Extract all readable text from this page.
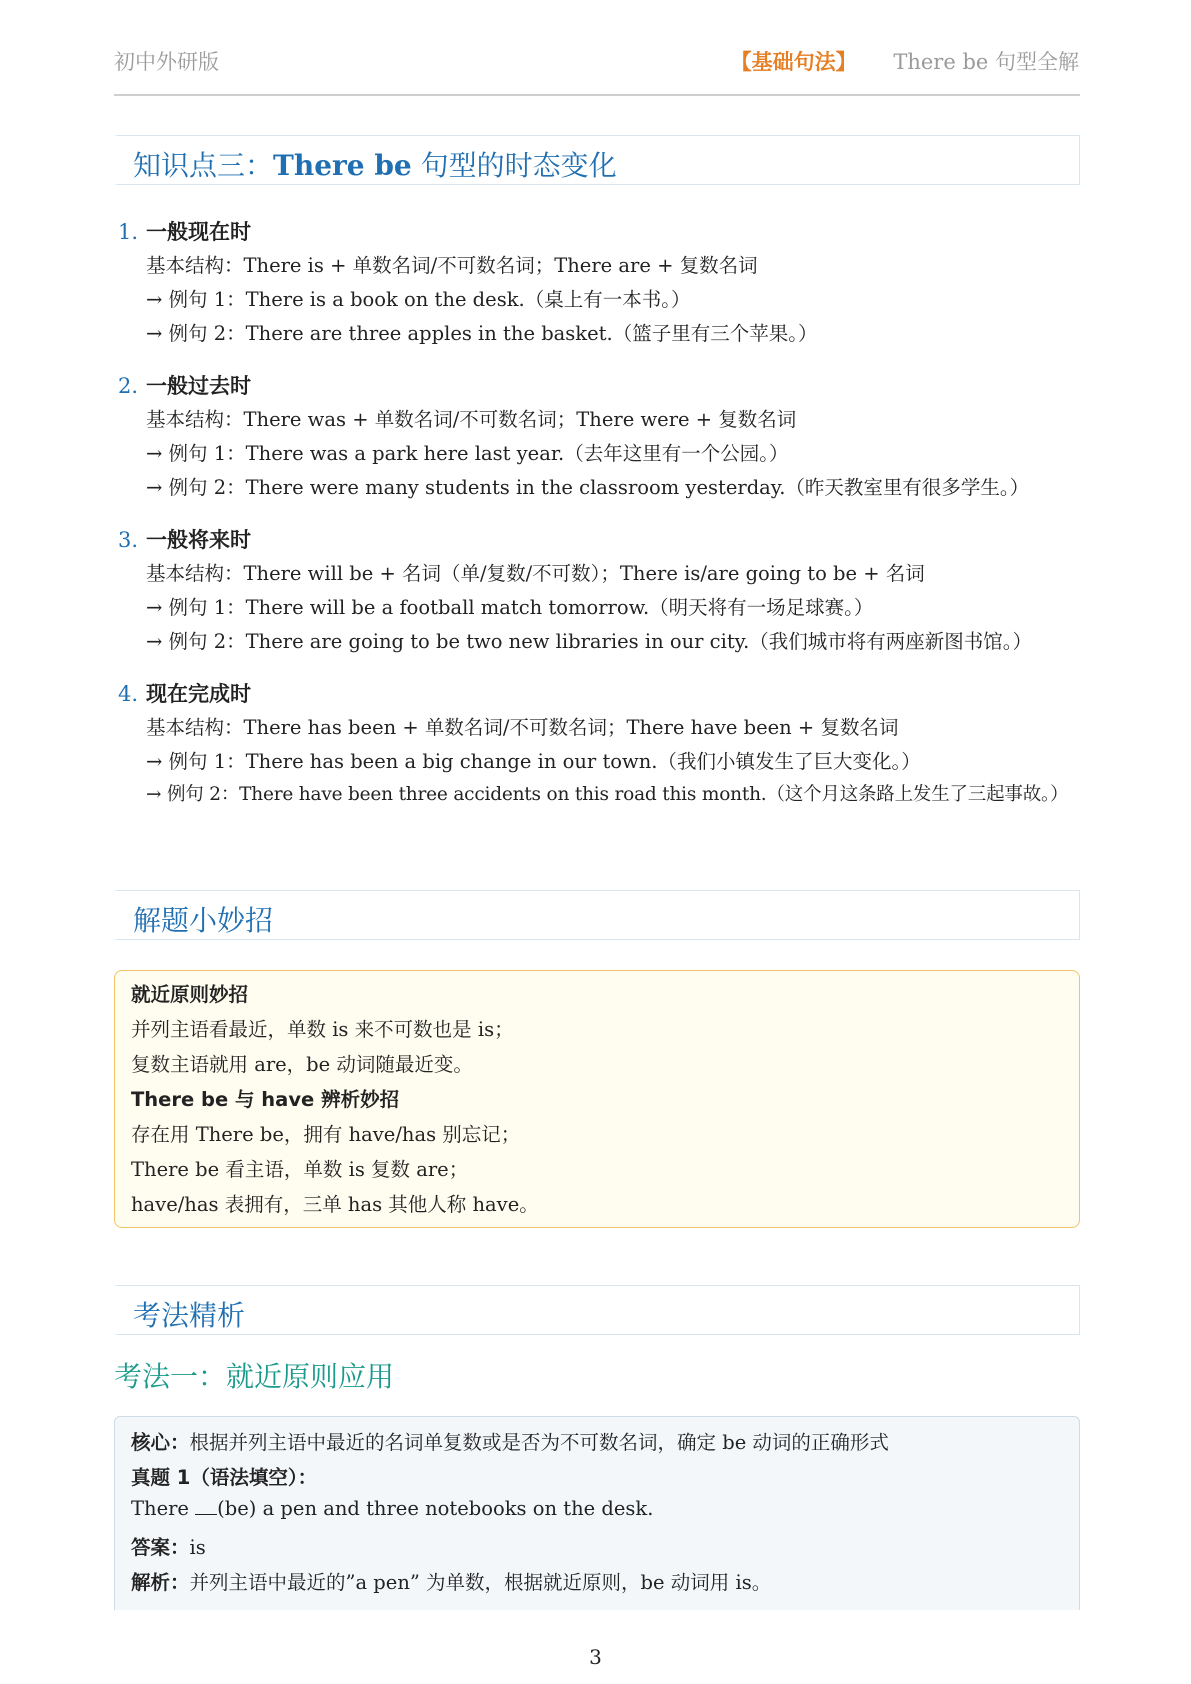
初中外研版	【基础句法】 There be 句型全解
知识点三：There be 句型的时态变化
1. 一般现在时
基本结构：There is + 单数名词/不可数名词；There are + 复数名词
→ 例句 1：There is a book on the desk.（桌上有一本书。）
→ 例句 2：There are three apples in the basket.（篮子里有三个苹果。）
2. 一般过去时
基本结构：There was + 单数名词/不可数名词；There were + 复数名词
→ 例句 1：There was a park here last year.（去年这里有一个公园。）
→ 例句 2：There were many students in the classroom yesterday.（昨天教室里有很多学生。）
3. 一般将来时
基本结构：There will be + 名词（单/复数/不可数）；There is/are going to be + 名词
→ 例句 1：There will be a football match tomorrow.（明天将有一场足球赛。）
→ 例句 2：There are going to be two new libraries in our city.（我们城市将有两座新图书馆。）
4. 现在完成时
基本结构：There has been + 单数名词/不可数名词；There have been + 复数名词
→ 例句 1：There has been a big change in our town.（我们小镇发生了巨大变化。）
→ 例句 2：There have been three accidents on this road this month.（这个月这条路上发生了三起事故。）
解题小妙招
就近原则妙招
并列主语看最近，单数 is 来不可数也是 is；
复数主语就用 are，be 动词随最近变。
There be 与 have 辨析妙招
存在用 There be，拥有 have/has 别忘记；
There be 看主语，单数 is 复数 are；
have/has 表拥有，三单 has 其他人称 have。
考法精析
考法一：就近原则应用
核心：根据并列主语中最近的名词单复数或是否为不可数名词，确定 be 动词的正确形式
真题 1（语法填空）：
There (be) a pen and three notebooks on the desk.
答案：is
解析：并列主语中最近的”a pen” 为单数，根据就近原则，be 动词用 is。
3
